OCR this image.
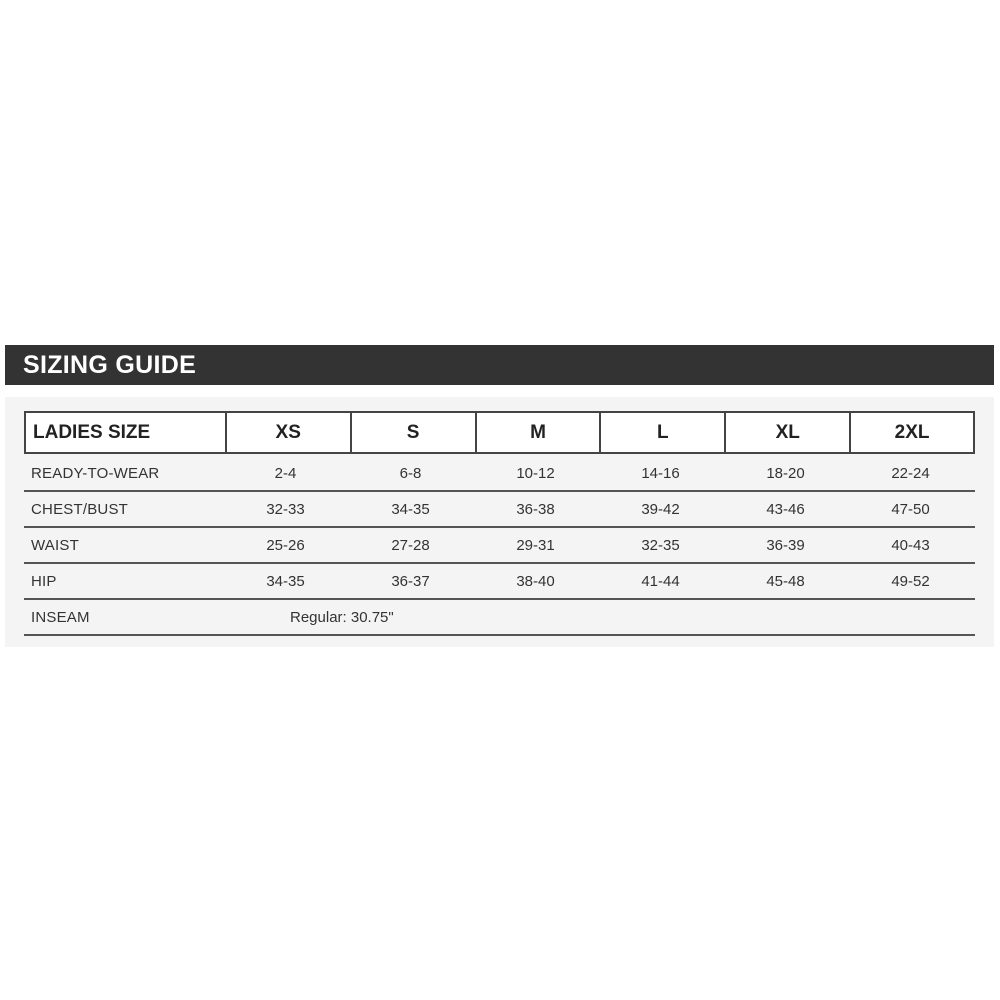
SIZING GUIDE
LADIES SIZE	XS	S	M	L	XL	2XL
READY-TO-WEAR	2-4	6-8	10-12	14-16	18-20	22-24
CHEST/BUST	32-33	34-35	36-38	39-42	43-46	47-50
WAIST	25-26	27-28	29-31	32-35	36-39	40-43
HIP	34-35	36-37	38-40	41-44	45-48	49-52
INSEAM	Regular: 30.75"
